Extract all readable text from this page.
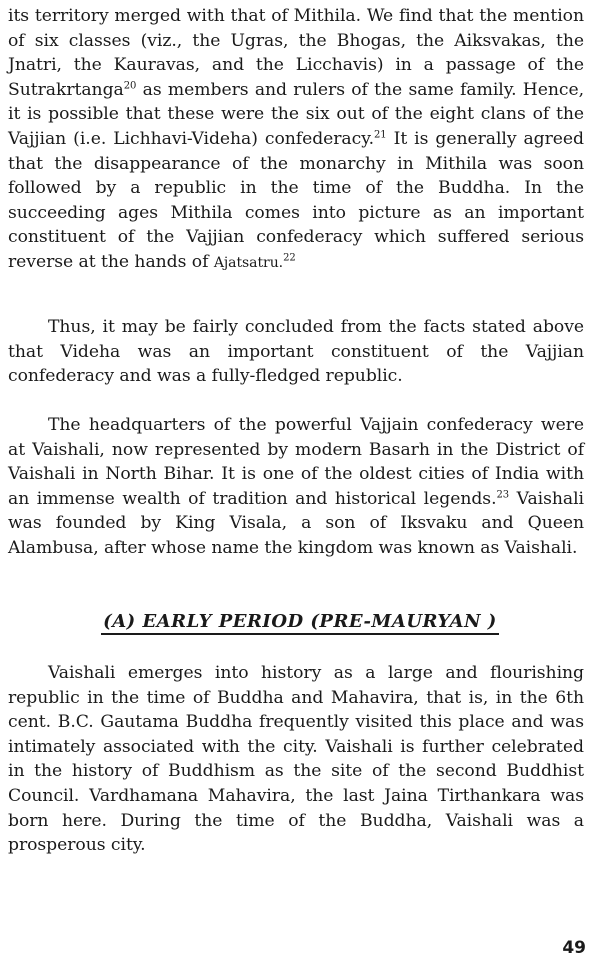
its territory merged with that of Mithila. We find that the mention of six classes (viz., the Ugras, the Bhogas, the Aiksvakas, the Jnatri, the Kauravas, and the Licchavis) in a passage of the Sutrakrtanga$^{20}$ as members and rulers of the same family. Hence, it is possible that these were the six out of the eight clans of the Vajjian (i.e. Lichhavi-Videha) confederacy.$^{21}$ It is generally agreed that the disappearance of the monarchy in Mithila was soon followed by a republic in the time of the Buddha. In the succeeding ages Mithila comes into picture as an important constituent of the Vajjian confederacy which suffered serious reverse at the hands of Ajatsatru.$^{22}$

Thus, it may be fairly concluded from the facts stated above that Videha was an important constituent of the Vajjian confederacy and was a fully-fledged republic.

The headquarters of the powerful Vajjain confederacy were at Vaishali, now represented by modern Basarh in the District of Vaishali in North Bihar. It is one of the oldest cities of India with an immense wealth of tradition and historical legends.$^{23}$ Vaishali was founded by King Visala, a son of Iksvaku and Queen Alambusa, after whose name the kingdom was known as Vaishali.

(A) EARLY PERIOD (PRE-MAURYAN )

Vaishali emerges into history as a large and flourishing republic in the time of Buddha and Mahavira, that is, in the 6th cent. B.C. Gautama Buddha frequently visited this place and was intimately associated with the city. Vaishali is further celebrated in the history of Buddhism as the site of the second Buddhist Council. Vardhamana Mahavira, the last Jaina Tirthankara was born here. During the time of the Buddha, Vaishali was a prosperous city.

49
